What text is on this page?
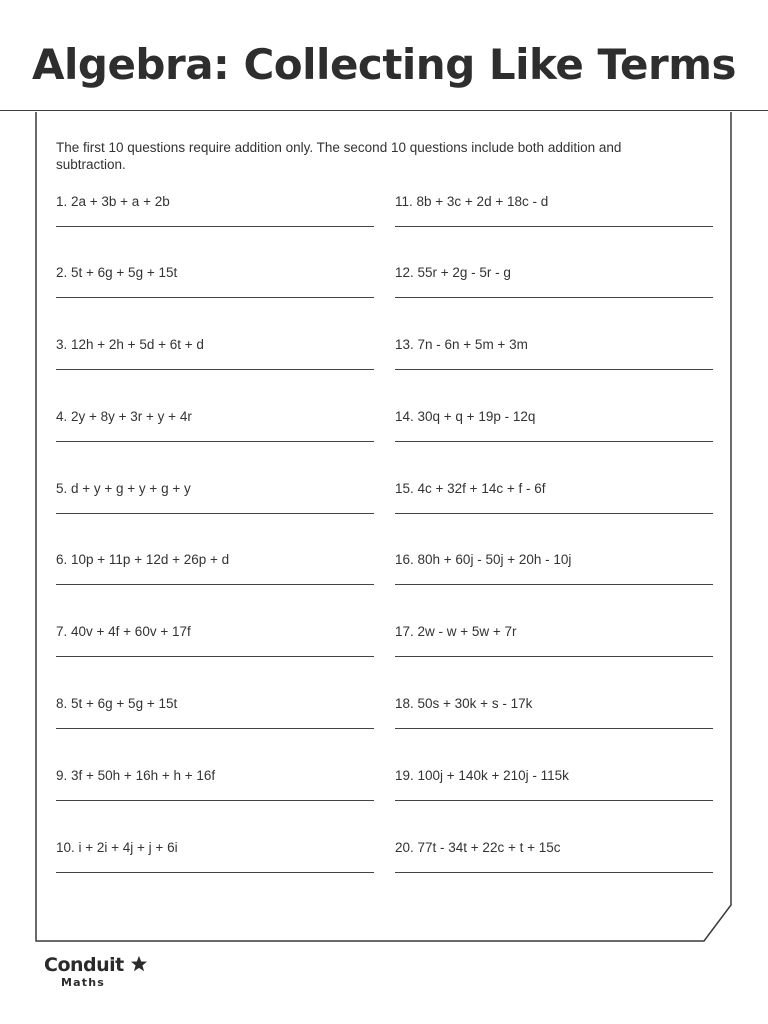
Algebra: Collecting Like Terms
The first 10 questions require addition only. The second 10 questions include both addition and subtraction.
1. 2a + 3b + a + 2b
2. 5t + 6g + 5g + 15t
3. 12h + 2h + 5d + 6t + d
4. 2y + 8y + 3r + y + 4r
5. d + y + g + y + g + y
6. 10p + 11p + 12d + 26p + d
7. 40v + 4f + 60v + 17f
8. 5t + 6g + 5g + 15t
9. 3f + 50h + 16h + h + 16f
10. i + 2i + 4j + j + 6i
11. 8b + 3c + 2d + 18c - d
12. 55r + 2g - 5r - g
13. 7n - 6n + 5m + 3m
14. 30q + q + 19p - 12q
15. 4c + 32f + 14c + f - 6f
16. 80h + 60j - 50j + 20h - 10j
17. 2w - w + 5w + 7r
18. 50s + 30k + s - 17k
19. 100j + 140k + 210j - 115k
20. 77t - 34t + 22c + t + 15c
Conduit
Maths
